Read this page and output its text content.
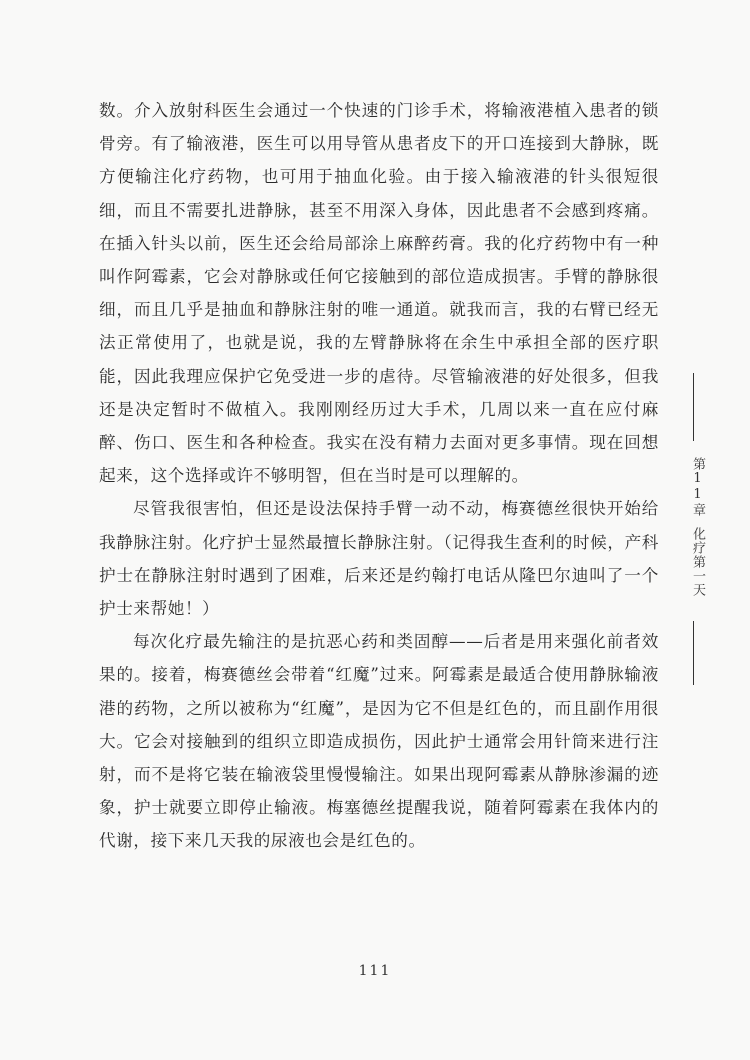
数。介入放射科医生会通过一个快速的门诊手术，将输液港植入患者的锁骨旁。有了输液港，医生可以用导管从患者皮下的开口连接到大静脉，既方便输注化疗药物，也可用于抽血化验。由于接入输液港的针头很短很细，而且不需要扎进静脉，甚至不用深入身体，因此患者不会感到疼痛。在插入针头以前，医生还会给局部涂上麻醉药膏。我的化疗药物中有一种叫作阿霉素，它会对静脉或任何它接触到的部位造成损害。手臂的静脉很细，而且几乎是抽血和静脉注射的唯一通道。就我而言，我的右臂已经无法正常使用了，也就是说，我的左臂静脉将在余生中承担全部的医疗职能，因此我理应保护它免受进一步的虐待。尽管输液港的好处很多，但我还是决定暂时不做植入。我刚刚经历过大手术，几周以来一直在应付麻醉、伤口、医生和各种检查。我实在没有精力去面对更多事情。现在回想起来，这个选择或许不够明智，但在当时是可以理解的。

尽管我很害怕，但还是设法保持手臂一动不动，梅赛德丝很快开始给我静脉注射。化疗护士显然最擅长静脉注射。（记得我生查利的时候，产科护士在静脉注射时遇到了困难，后来还是约翰打电话从隆巴尔迪叫了一个护士来帮她！）

每次化疗最先输注的是抗恶心药和类固醇——后者是用来强化前者效果的。接着，梅赛德丝会带着“红魔”过来。阿霉素是最适合使用静脉输液港的药物，之所以被称为“红魔”，是因为它不但是红色的，而且副作用很大。它会对接触到的组织立即造成损伤，因此护士通常会用针筒来进行注射，而不是将它装在输液袋里慢慢输注。如果出现阿霉素从静脉渗漏的迹象，护士就要立即停止输液。梅塞德丝提醒我说，随着阿霉素在我体内的代谢，接下来几天我的尿液也会是红色的。

第11章化疗第一天
111
